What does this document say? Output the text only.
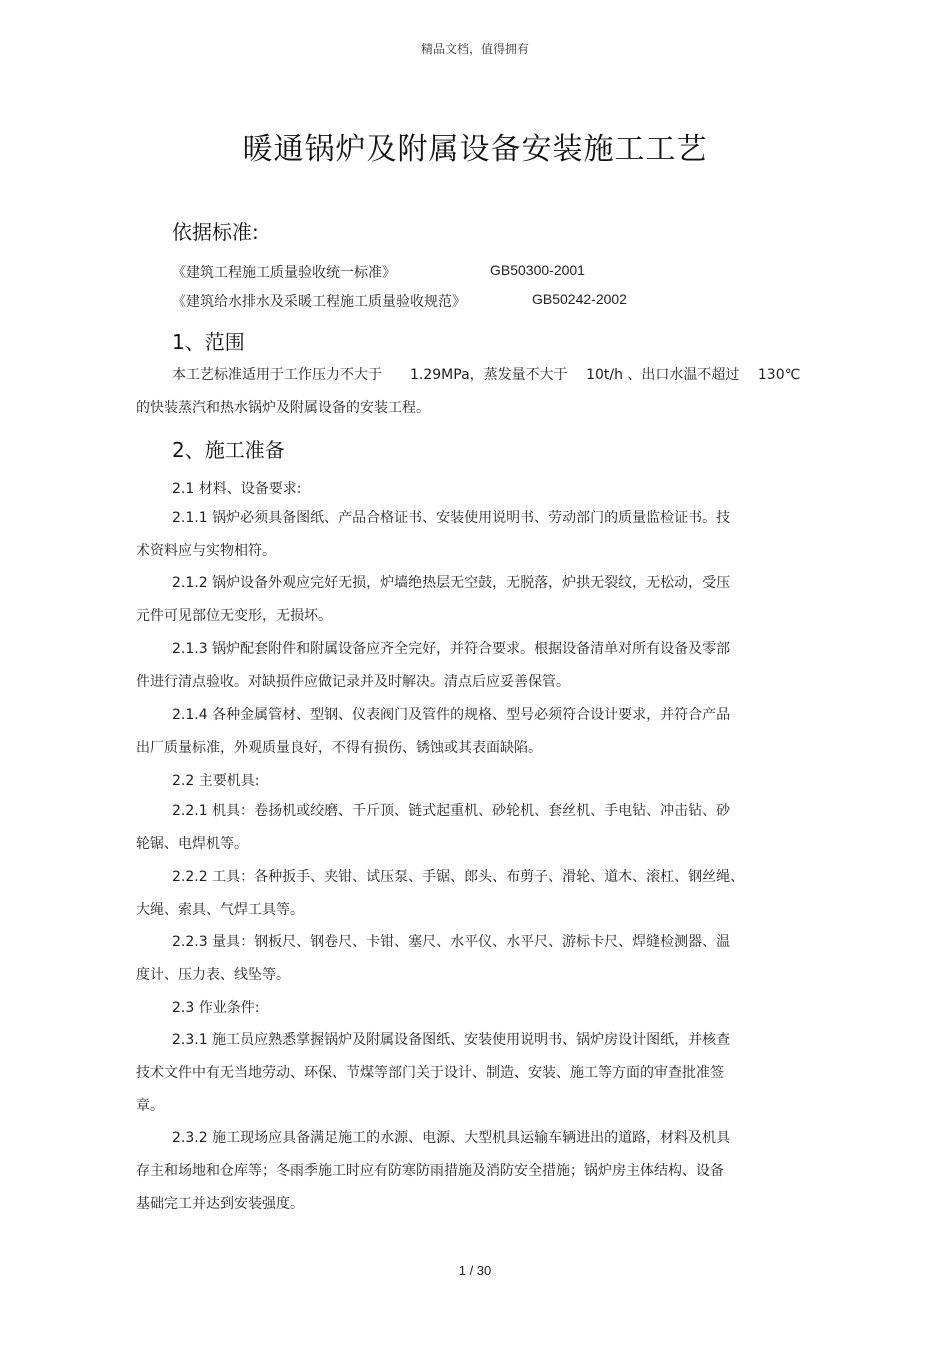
精品文档，值得拥有
暖通锅炉及附属设备安装施工工艺
依据标准:
《建筑工程施工质量验收统一标准》	GB50300-2001
《建筑给水排水及采暖工程施工质量验收规范》	GB50242-2002
1、范围
本工艺标准适用于工作压力不大于　　1.29MPa，蒸发量不大于　 10t/h 、出口水温不超过　 130℃
的快装蒸汽和热水锅炉及附属设备的安装工程。
2、施工准备
2.1 材料、设备要求:
2.1.1 锅炉必须具备图纸、产品合格证书、安装使用说明书、劳动部门的质量监检证书。技
术资料应与实物相符。
2.1.2 锅炉设备外观应完好无损，炉墙绝热层无空鼓，无脱落，炉拱无裂纹，无松动，受压
元件可见部位无变形，无损坏。
2.1.3 锅炉配套附件和附属设备应齐全完好，并符合要求。根据设备清单对所有设备及零部
件进行清点验收。对缺损件应做记录并及时解决。清点后应妥善保管。
2.1.4 各种金属管材、型钢、仪表阀门及管件的规格、型号必须符合设计要求，并符合产品
出厂质量标准，外观质量良好，不得有损伤、锈蚀或其表面缺陷。
2.2 主要机具:
2.2.1 机具：卷扬机或绞磨、千斤顶、链式起重机、砂轮机、套丝机、手电钻、冲击钻、砂
轮锯、电焊机等。
2.2.2 工具：各种扳手、夹钳、试压泵、手锯、郎头、布剪子、滑轮、道木、滚杠、钢丝绳、
大绳、索具、气焊工具等。
2.2.3 量具：钢板尺、钢卷尺、卡钳、塞尺、水平仪、水平尺、游标卡尺、焊缝检测器、温
度计、压力表、线坠等。
2.3 作业条件:
2.3.1 施工员应熟悉掌握锅炉及附属设备图纸、安装使用说明书、锅炉房设计图纸，并核查
技术文件中有无当地劳动、环保、节煤等部门关于设计、制造、安装、施工等方面的审查批准签
章。
2.3.2 施工现场应具备满足施工的水源、电源、大型机具运输车辆进出的道路，材料及机具
存主和场地和仓库等；冬雨季施工时应有防寒防雨措施及消防安全措施；锅炉房主体结构、设备
基础完工并达到安装强度。
1 / 30
